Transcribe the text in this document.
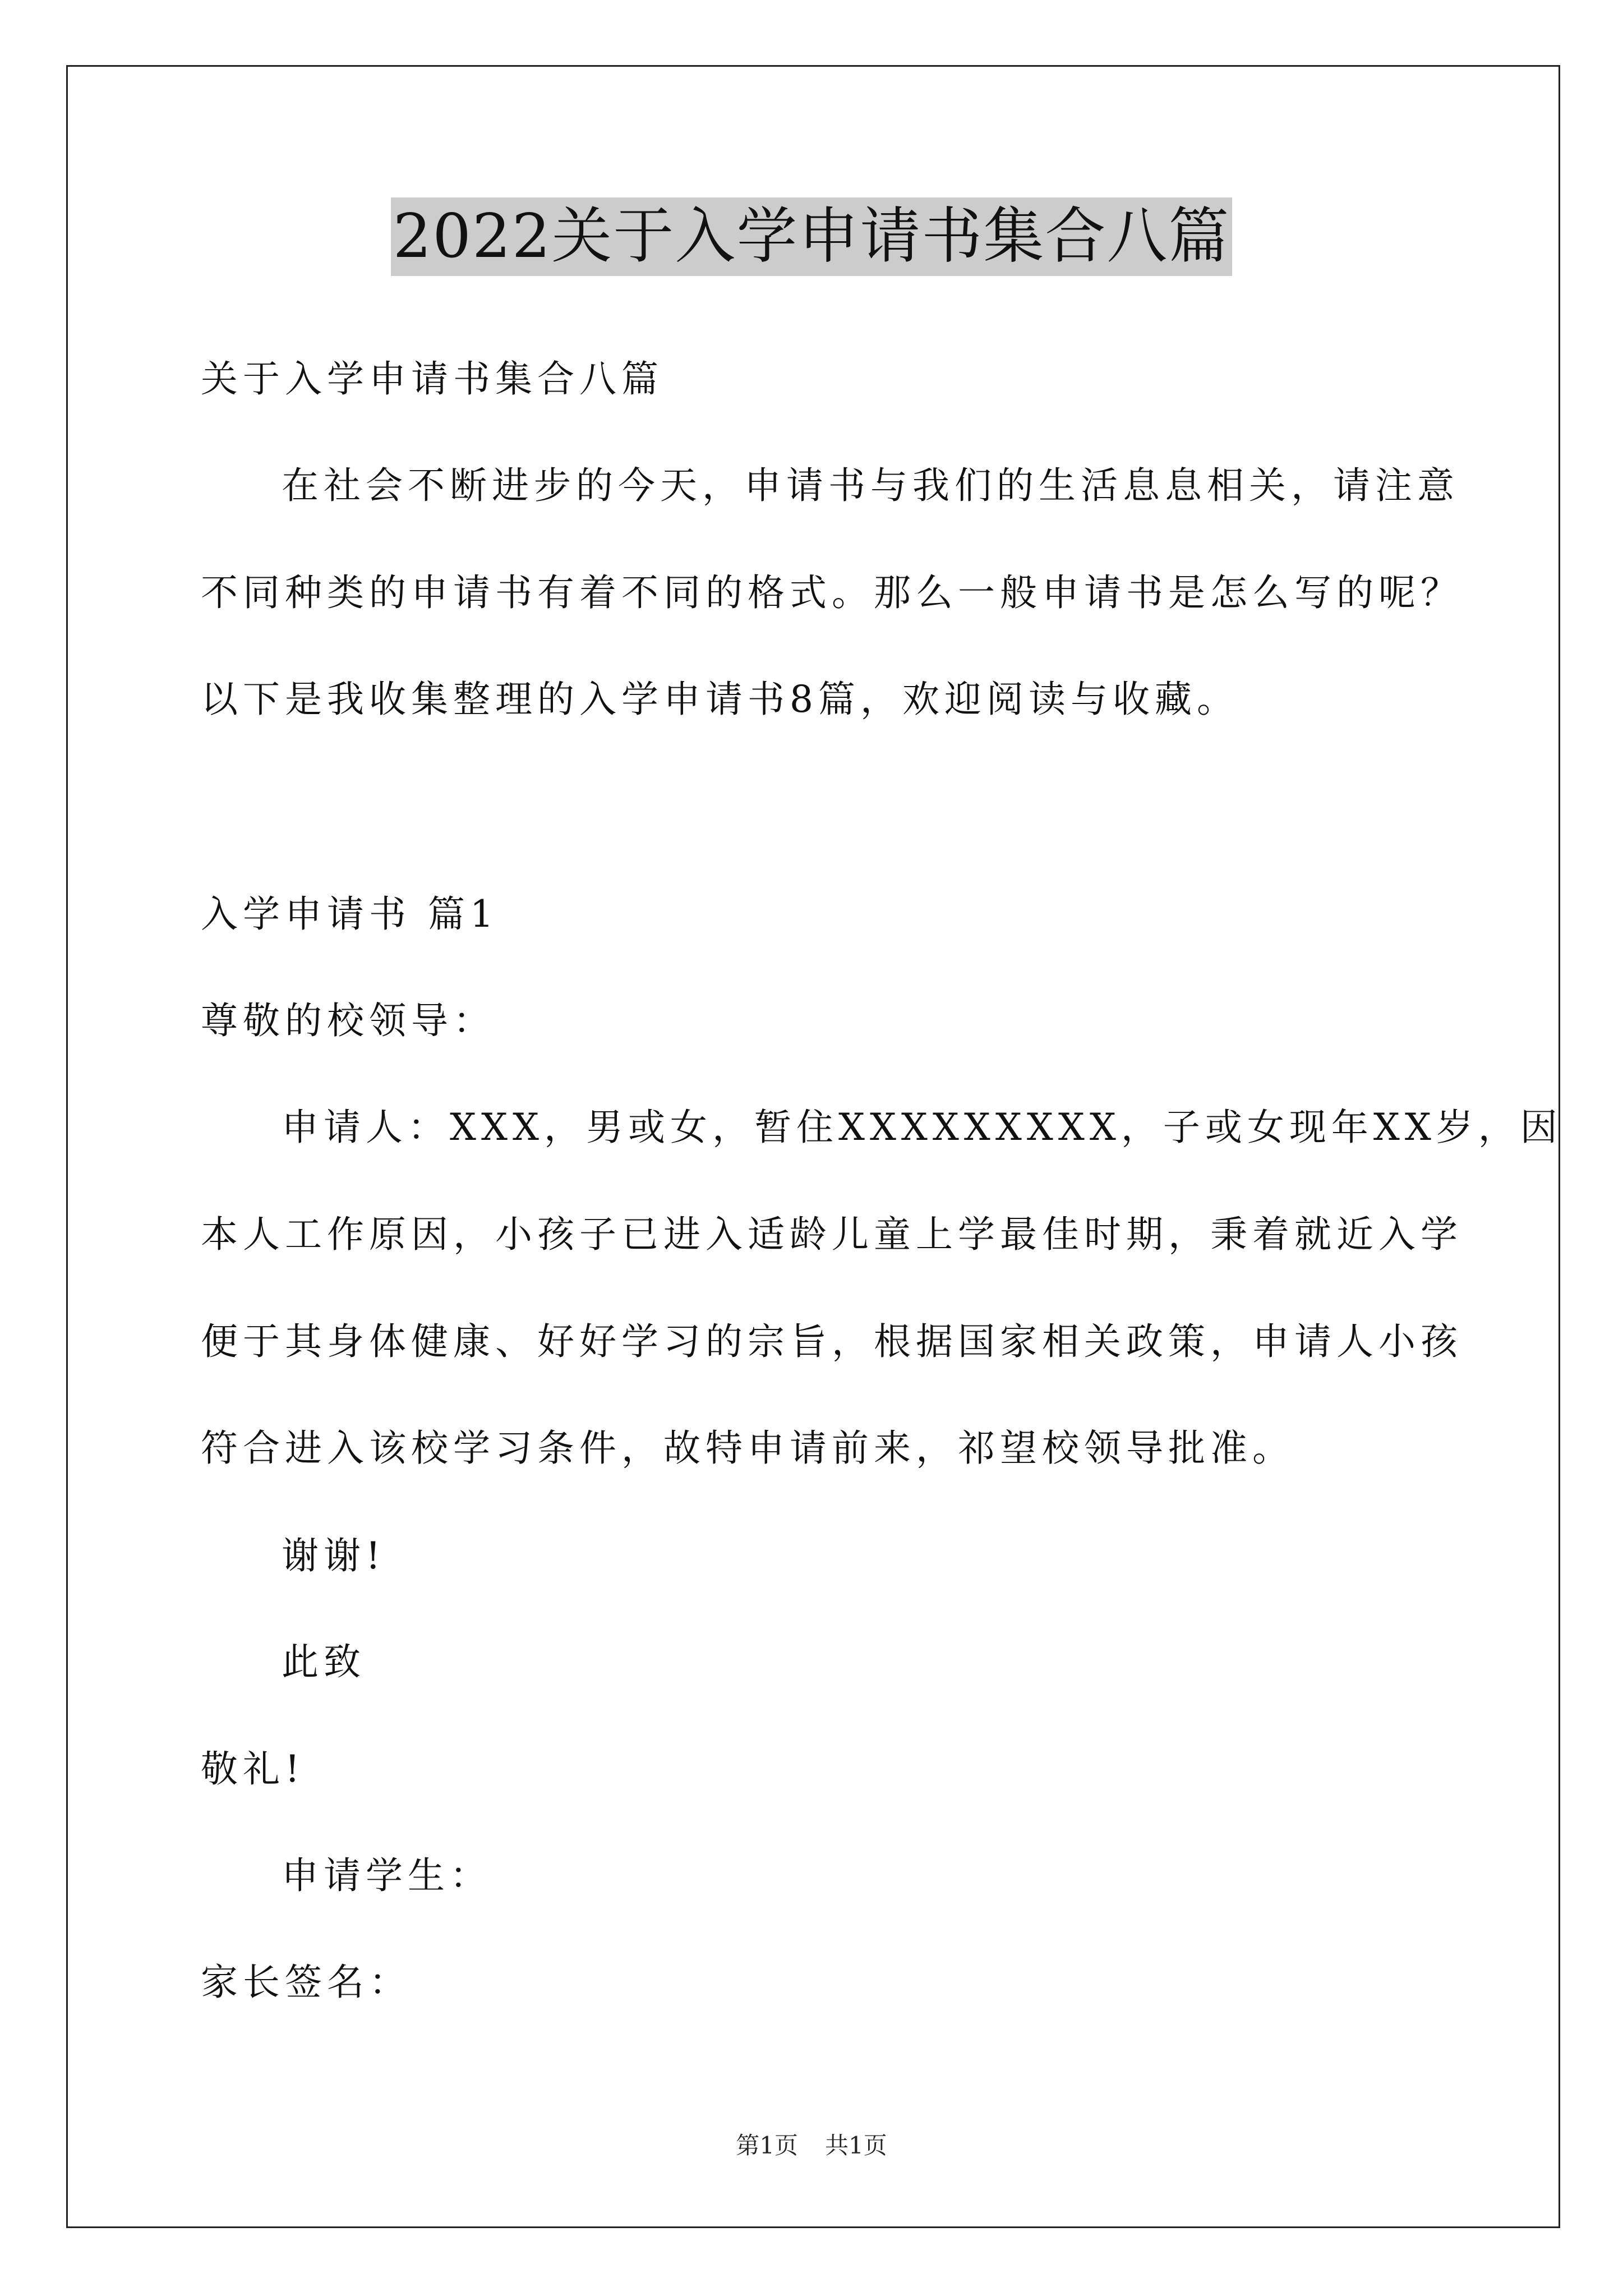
2022关于入学申请书集合八篇
关于入学申请书集合八篇
在社会不断进步的今天，申请书与我们的生活息息相关，请注意
不同种类的申请书有着不同的格式。那么一般申请书是怎么写的呢？
以下是我收集整理的入学申请书8篇，欢迎阅读与收藏。
入学申请书 篇1
尊敬的校领导：
申请人：XXX，男或女，暂住XXXXXXXXX，子或女现年XX岁，因
本人工作原因，小孩子已进入适龄儿童上学最佳时期，秉着就近入学
便于其身体健康、好好学习的宗旨，根据国家相关政策，申请人小孩
符合进入该校学习条件，故特申请前来，祁望校领导批准。
谢谢!
此致
敬礼!
申请学生：
家长签名：
第1页 共1页
